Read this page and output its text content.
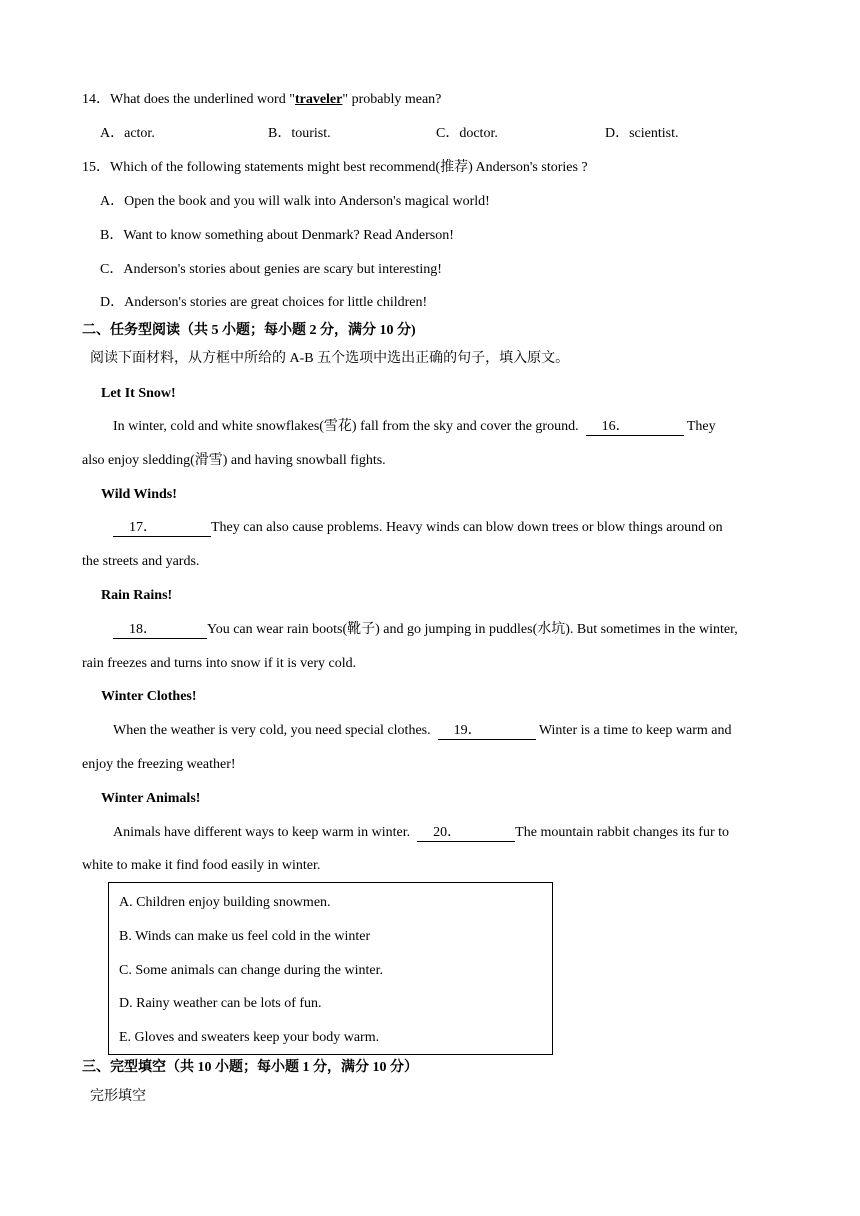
14．What does the underlined word "traveler" probably mean?
A．actor.	B．tourist.	C．doctor.	D．scientist.
15．Which of the following statements might best recommend(推荐) Anderson's stories ?
A．Open the book and you will walk into Anderson's magical world!
B．Want to know something about Denmark? Read Anderson!
C．Anderson's stories about genies are scary but interesting!
D．Anderson's stories are great choices for little children!
二、任务型阅读（共 5 小题；每小题 2 分，满分 10 分)
阅读下面材料，从方框中所给的 A-B 五个选项中选出正确的句子，填入原文。
Let It Snow!
In winter, cold and white snowflakes(雪花) fall from the sky and cover the ground. 16．	They
also enjoy sledding(滑雪) and having snowball fights.
Wild Winds!
17．	They can also cause problems. Heavy winds can blow down trees or blow things around on
the streets and yards.
Rain Rains!
18．	You can wear rain boots(靴子) and go jumping in puddles(水坑). But sometimes in the winter,
rain freezes and turns into snow if it is very cold.
Winter Clothes!
When the weather is very cold, you need special clothes. 19．	Winter is a time to keep warm and
enjoy the freezing weather!
Winter Animals!
Animals have different ways to keep warm in winter. 20．	The mountain rabbit changes its fur to
white to make it find food easily in winter.
A. Children enjoy building snowmen.
B. Winds can make us feel cold in the winter
C. Some animals can change during the winter.
D. Rainy weather can be lots of fun.
E. Gloves and sweaters keep your body warm.
三、完型填空（共 10 小题；每小题 1 分，满分 10 分）
完形填空
